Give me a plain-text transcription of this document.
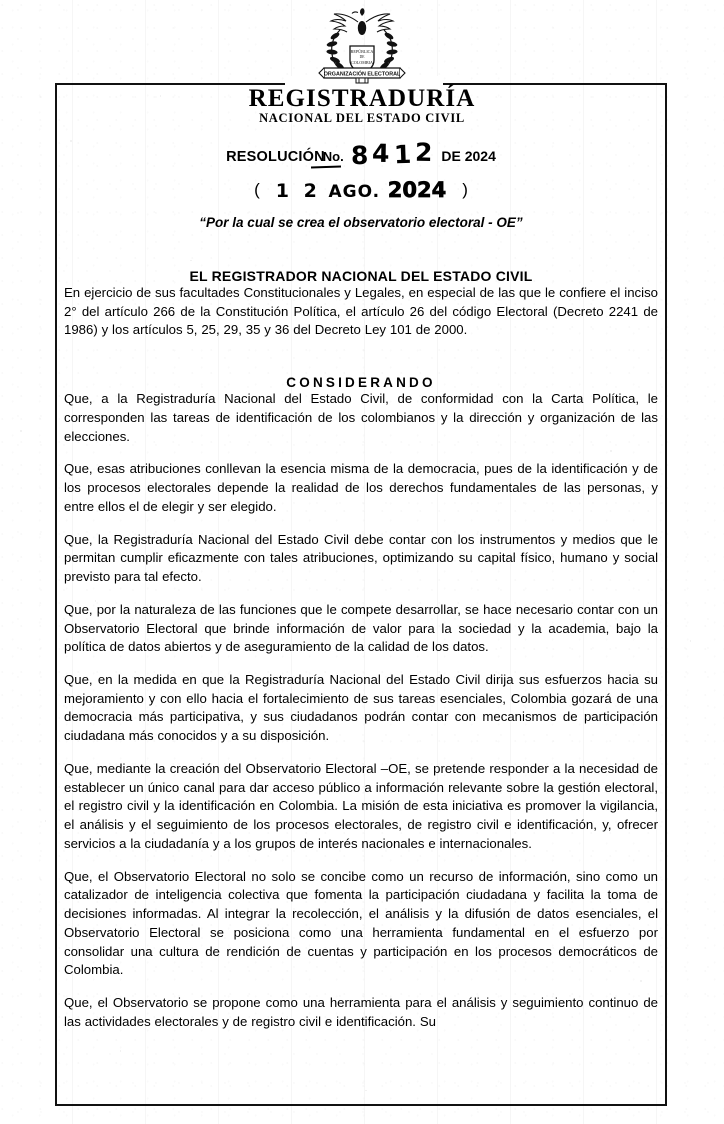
REPÚBLICA
DE
COLOMBIA
ORGANIZACIÓN ELECTORAL
REGISTRADURÍA
NACIONAL DEL ESTADO CIVIL
RESOLUCIÓNNo. 8412 DE 2024
( 1 2 AGO. 2024 )
“Por la cual se crea el observatorio electoral - OE”
EL REGISTRADOR NACIONAL DEL ESTADO CIVIL

En ejercicio de sus facultades Constitucionales y Legales, en especial de las que le confiere el inciso 2° del artículo 266 de la Constitución Política, el artículo 26 del código Electoral (Decreto 2241 de 1986) y los artículos 5, 25, 29, 35 y 36 del Decreto Ley 101 de 2000.

CONSIDERANDO

Que, a la Registraduría Nacional del Estado Civil, de conformidad con la Carta Política, le corresponden las tareas de identificación de los colombianos y la dirección y organización de las elecciones.

Que, esas atribuciones conllevan la esencia misma de la democracia, pues de la identificación y de los procesos electorales depende la realidad de los derechos fundamentales de las personas, y entre ellos el de elegir y ser elegido.

Que, la Registraduría Nacional del Estado Civil debe contar con los instrumentos y medios que le permitan cumplir eficazmente con tales atribuciones, optimizando su capital físico, humano y social previsto para tal efecto.

Que, por la naturaleza de las funciones que le compete desarrollar, se hace necesario contar con un Observatorio Electoral que brinde información de valor para la sociedad y la academia, bajo la política de datos abiertos y de aseguramiento de la calidad de los datos.

Que, en la medida en que la Registraduría Nacional del Estado Civil dirija sus esfuerzos hacia su mejoramiento y con ello hacia el fortalecimiento de sus tareas esenciales, Colombia gozará de una democracia más participativa, y sus ciudadanos podrán contar con mecanismos de participación ciudadana más conocidos y a su disposición.

Que, mediante la creación del Observatorio Electoral –OE, se pretende responder a la necesidad de establecer un único canal para dar acceso público a información relevante sobre la gestión electoral, el registro civil y la identificación en Colombia. La misión de esta iniciativa es promover la vigilancia, el análisis y el seguimiento de los procesos electorales, de registro civil e identificación, y, ofrecer servicios a la ciudadanía y a los grupos de interés nacionales e internacionales.

Que, el Observatorio Electoral no solo se concibe como un recurso de información, sino como un catalizador de inteligencia colectiva que fomenta la participación ciudadana y facilita la toma de decisiones informadas. Al integrar la recolección, el análisis y la difusión de datos esenciales, el Observatorio Electoral se posiciona como una herramienta fundamental en el esfuerzo por consolidar una cultura de rendición de cuentas y participación en los procesos democráticos de Colombia.

Que, el Observatorio se propone como una herramienta para el análisis y seguimiento continuo de las actividades electorales y de registro civil e identificación. Su
